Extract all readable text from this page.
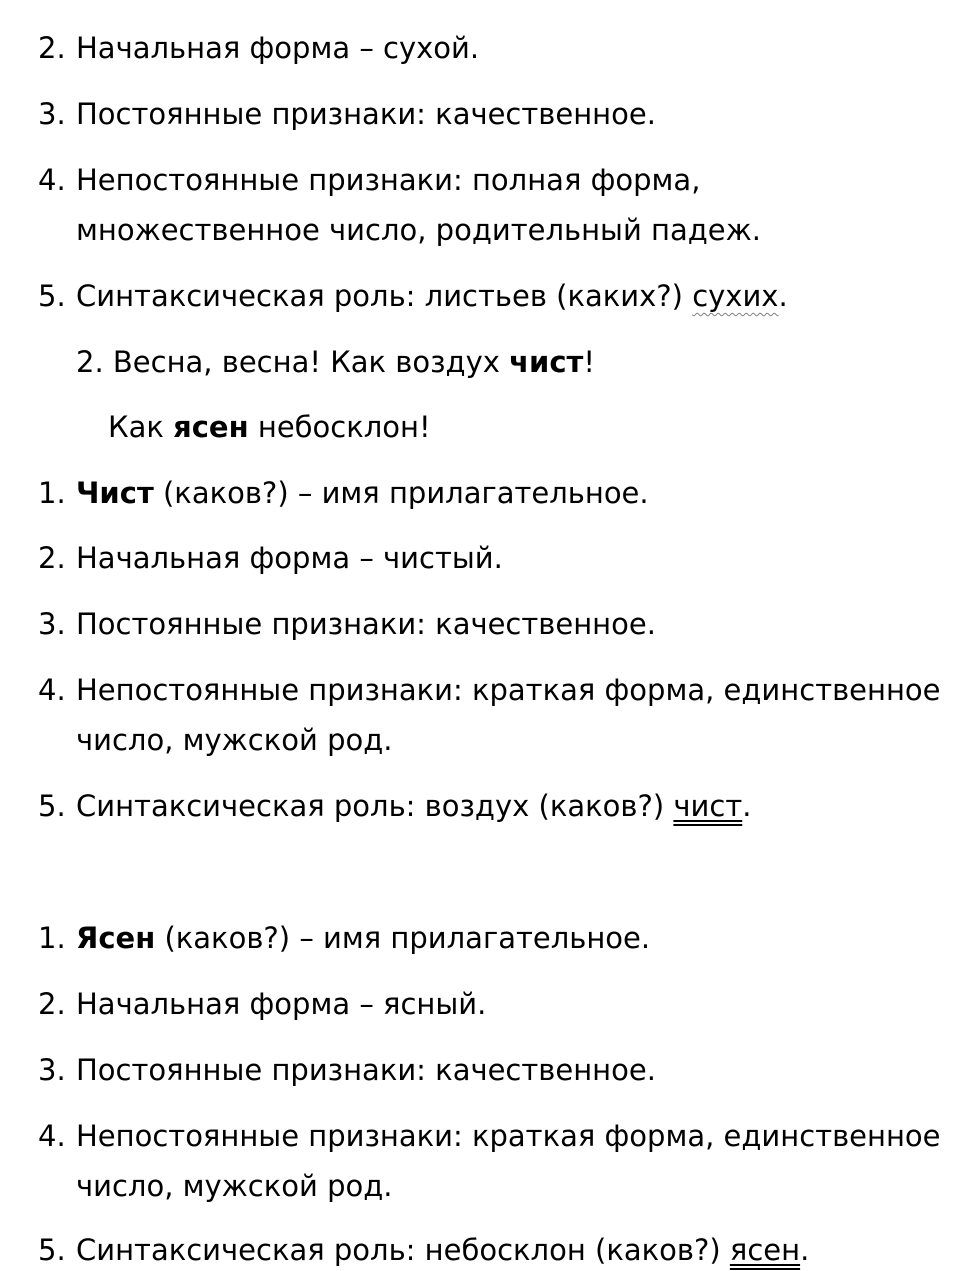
2. Начальная форма – сухой.
3. Постоянные признаки: качественное.
4. Непостоянные признаки: полная форма,
множественное число, родительный падеж.
5. Синтаксическая роль: листьев (каких?) сухих.
2. Весна, весна! Как воздух чист!
Как ясен небосклон!
1. Чист (каков?) – имя прилагательное.
2. Начальная форма – чистый.
3. Постоянные признаки: качественное.
4. Непостоянные признаки: краткая форма, единственное
число, мужской род.
5. Синтаксическая роль: воздух (каков?) чист.
1. Ясен (каков?) – имя прилагательное.
2. Начальная форма – ясный.
3. Постоянные признаки: качественное.
4. Непостоянные признаки: краткая форма, единственное
число, мужской род.
5. Синтаксическая роль: небосклон (каков?) ясен.
